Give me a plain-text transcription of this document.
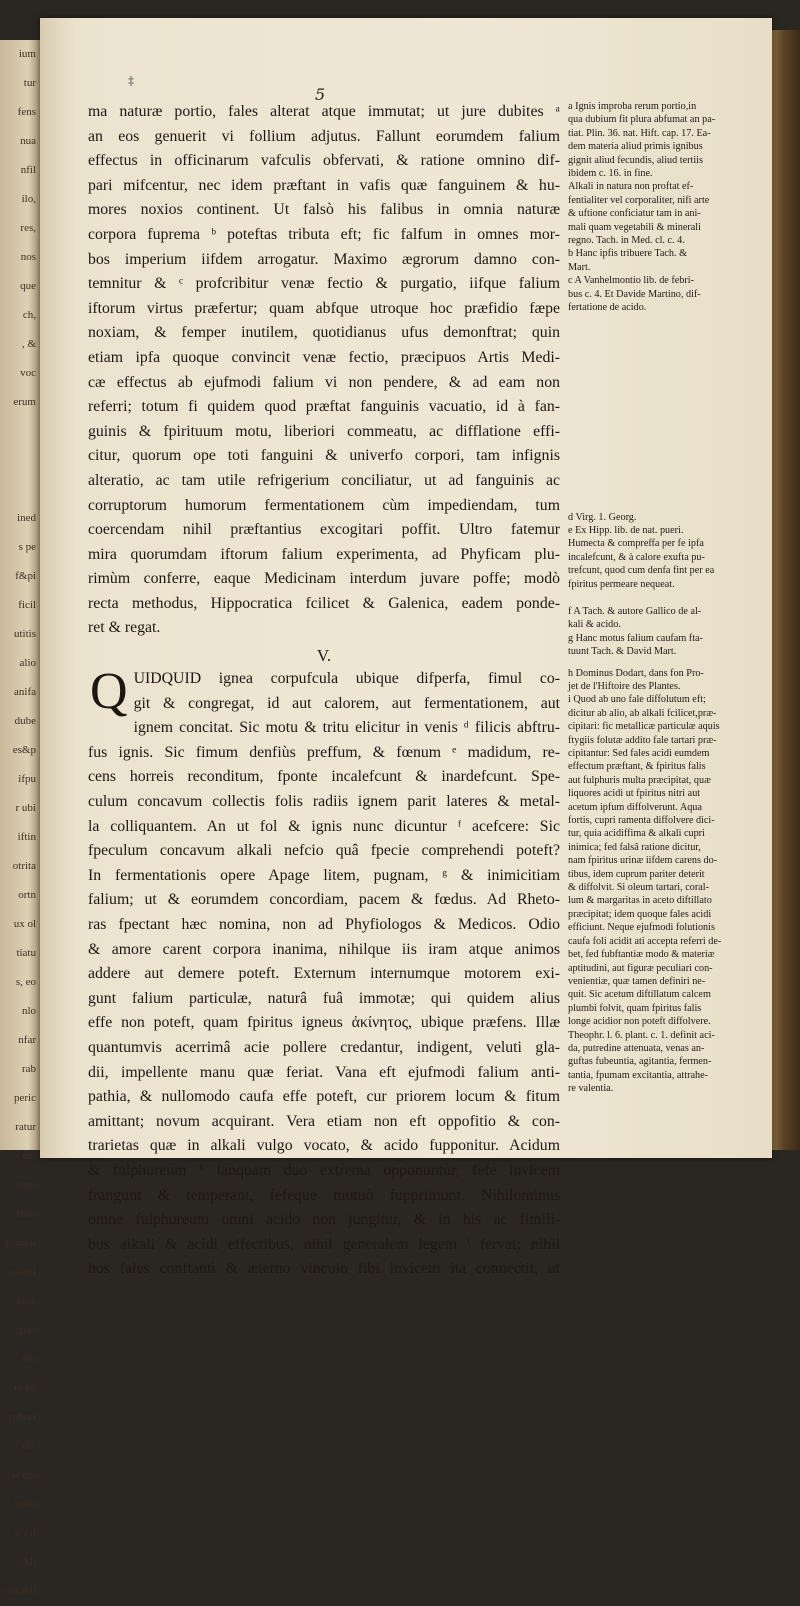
ium
tur
fens
nua
nfil
ilo,
res,
nos
que
ch,
, &
voc
erum
ined
s pe
f&pi
ficil
utitis
alio
anifa
dube
es&p
ifpu
r ubi
iftin
otrita
ortn
ux ol
tiatu
s, eo
nlo
nfar
rab
peric
ratur
ciu
tiatu
iffer
particu
olonti
ur, e
ignis
illu
to eo
roborl
ufe
ie ein
hoba
ir ; il
: Ali
vorabil
‡
5
ma naturæ portio, fales alterat atque immutat; ut jure dubites ᵃ
an eos genuerit vi follium adjutus. Fallunt eorumdem falium
effectus in officinarum vafculis obfervati, & ratione omnino dif-
pari mifcentur, nec idem præftant in vafis quæ fanguinem & hu-
mores noxios continent. Ut falsò his falibus in omnia naturæ
corpora fuprema ᵇ poteftas tributa eft; fic falfum in omnes mor-
bos imperium iifdem arrogatur. Maximo ægrorum damno con-
temnitur & ᶜ profcribitur venæ fectio & purgatio, iifque falium
iftorum virtus præfertur; quam abfque utroque hoc præfidio fæpe
noxiam, & femper inutilem, quotidianus ufus demonftrat; quin
etiam ipfa quoque convincit venæ fectio, præcipuos Artis Medi-
cæ effectus ab ejufmodi falium vi non pendere, & ad eam non
referri; totum fi quidem quod præftat fanguinis vacuatio, id à fan-
guinis & fpirituum motu, liberiori commeatu, ac difflatione effi-
citur, quorum ope toti fanguini & univerfo corpori, tam infignis
alteratio, ac tam utile refrigerium conciliatur, ut ad fanguinis ac
corruptorum humorum fermentationem cùm impediendam, tum
coercendam nihil præftantius excogitari poffit. Ultro fatemur
mira quorumdam iftorum falium experimenta, ad Phyficam plu-
rimùm conferre, eaque Medicinam interdum juvare poffe; modò
recta methodus, Hippocratica fcilicet & Galenica, eadem ponde-
ret & regat.
V.
Q UIDQUID ignea corpufcula ubique difperfa, fimul co-
git & congregat, id aut calorem, aut fermentationem, aut
ignem concitat. Sic motu & tritu elicitur in venis ᵈ filicis abftru-
fus ignis. Sic fimum denfiùs preffum, & fœnum ᵉ madidum, re-
cens horreis reconditum, fponte incalefcunt & inardefcunt. Spe-
culum concavum collectis folis radiis ignem parit lateres & metal-
la colliquantem. An ut fol & ignis nunc dicuntur ᶠ acefcere: Sic
fpeculum concavum alkali nefcio quâ fpecie comprehendi poteft?
In fermentationis opere Apage litem, pugnam, ᵍ & inimicitiam
falium; ut & eorumdem concordiam, pacem & fœdus. Ad Rheto-
ras fpectant hæc nomina, non ad Phyfiologos & Medicos. Odio
& amore carent corpora inanima, nihilque iis iram atque animos
addere aut demere poteft. Externum internumque motorem exi-
gunt falium particulæ, naturâ fuâ immotæ; qui quidem alius
effe non poteft, quam fpiritus igneus ἀκίνητος, ubique præfens. Illæ
quantumvis acerrimâ acie pollere credantur, indigent, veluti gla-
dii, impellente manu quæ feriat. Vana eft ejufmodi falium anti-
pathia, & nullomodo caufa effe poteft, cur priorem locum & fitum
amittant; novum acquirant. Vera etiam non eft oppofitio & con-
trarietas quæ in alkali vulgo vocato, & acido fupponitur. Acidum
& fulphureum ʰ tanquam duo extrema opponuntur, fefe invicem
frangunt & temperant, fefeque mutuò fupprimunt. Nihilominus
omne fulphureum omni acido non jungitur, & in his ac fimili-
bus alkali & acidi effectibus, nihil generalem legem ⁱ fervat; nihil
hos fales conftanti & æterno vinculo fibi invicem ita connectit, ut
a Ignis improba rerum portio,in
qua dubium fit plura abfumat an pa-
tiat. Plin. 36. nat. Hift. cap. 17. Ea-
dem materia aliud primis ignibus
gignit aliud fecundis, aliud tertiis
ibidem c. 16. in fine.
Alkali in natura non proftat ef-
fentialiter vel corporaliter, nifi arte
& uftione conficiatur tam in ani-
mali quam vegetabili & minerali
regno. Tach. in Med. cl. c. 4.
b Hanc ipfis tribuere Tach. &
Mart.
c A Vanhelmontio lib. de febri-
bus c. 4. Et Davide Martino, dif-
fertatione de acido.
d Virg. 1. Georg.
e Ex Hipp. lib. de nat. pueri.
Humecta & compreffa per fe ipfa
incalefcunt, & à calore exufta pu-
trefcunt, quod cum denfa fint per ea
fpiritus permeare nequeat.
f A Tach. & autore Gallico de al-
kali & acido.
g Hanc motus falium caufam fta-
tuunt Tach. & David Mart.
h Dominus Dodart, dans fon Pro-
jet de l'Hiftoire des Plantes.
i Quod ab uno fale diffolutum eft;
dicitur ab alio, ab alkali fcilicet,præ-
cipitari: fic metallicæ particulæ aquis
ftygiis folutæ addito fale tartari præ-
cipitantur: Sed fales acidi eumdem
effectum præftant, & fpiritus falis
aut fulphuris multa præcipitat, quæ
liquores acidi ut fpiritus nitri aut
acetum ipfum diffolverunt. Aqua
fortis, cupri ramenta diffolvere dici-
tur, quia acidiffima & alkali cupri
inimica; fed falsâ ratione dicitur,
nam fpiritus urinæ iifdem carens do-
tibus, idem cuprum pariter deterit
& diffolvit. Si oleum tartari, coral-
lum & margaritas in aceto diftillato
præcipitat; idem quoque fales acidi
efficiunt. Neque ejufmodi folutionis
caufa foli acidit ati accepta referri de-
bet, fed fubftantiæ modo & materiæ
aptitudini, aut figuræ peculiari con-
venientiæ, quæ tamen definiri ne-
quit. Sic acetum diftillatum calcem
plumbi folvit, quam fpiritus falis
longe acidior non poteft diffolvere.
Theophr. l. 6. plant. c. 1. definit aci-
da, putredine attenuata, venas an-
guftas fubeuntia, agitantia, fermen-
tantia, fpumam excitantia, attrahe-
re valentia.
